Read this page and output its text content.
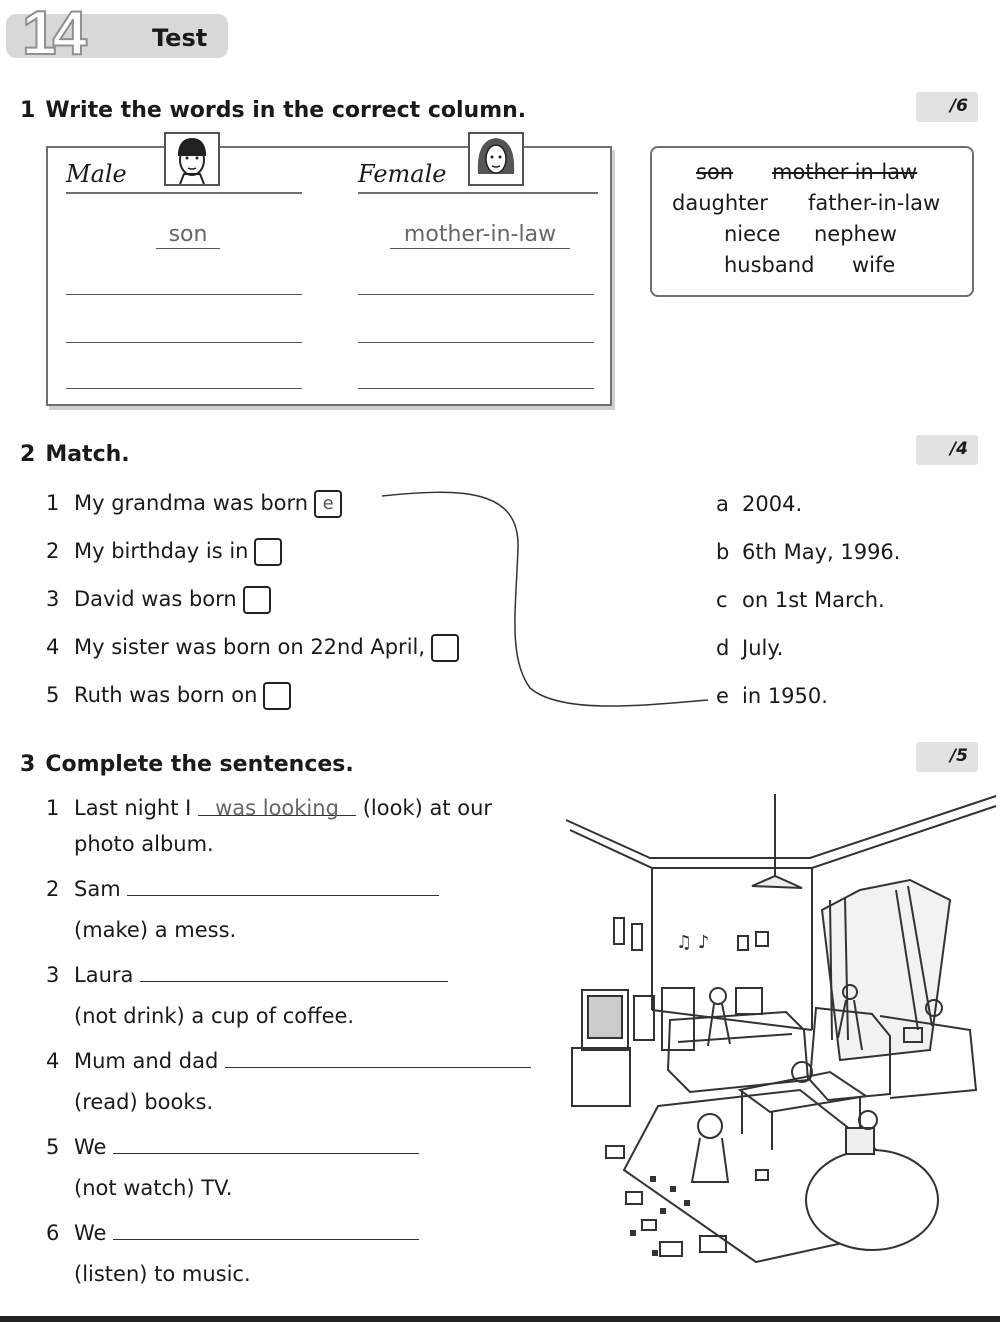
14	Test
1 Write the words in the correct column.	/6
Male	Female
son	mother-in-law
son mother-in-law
daughter father-in-law
niece nephew
husband wife
2 Match.	/4
1 My grandma was born e
2 My birthday is in
3 David was born
4 My sister was born on 22nd April,
5 Ruth was born on
a 2004.
b 6th May, 1996.
c on 1st March.
d July.
e in 1950.
3 Complete the sentences.	/5
1 Last night I was looking (look) at our
photo album.
2 Sam
(make) a mess.
3 Laura
(not drink) a cup of coffee.
4 Mum and dad
(read) books.
5 We
(not watch) TV.
6 We
(listen) to music.
♫ ♪
